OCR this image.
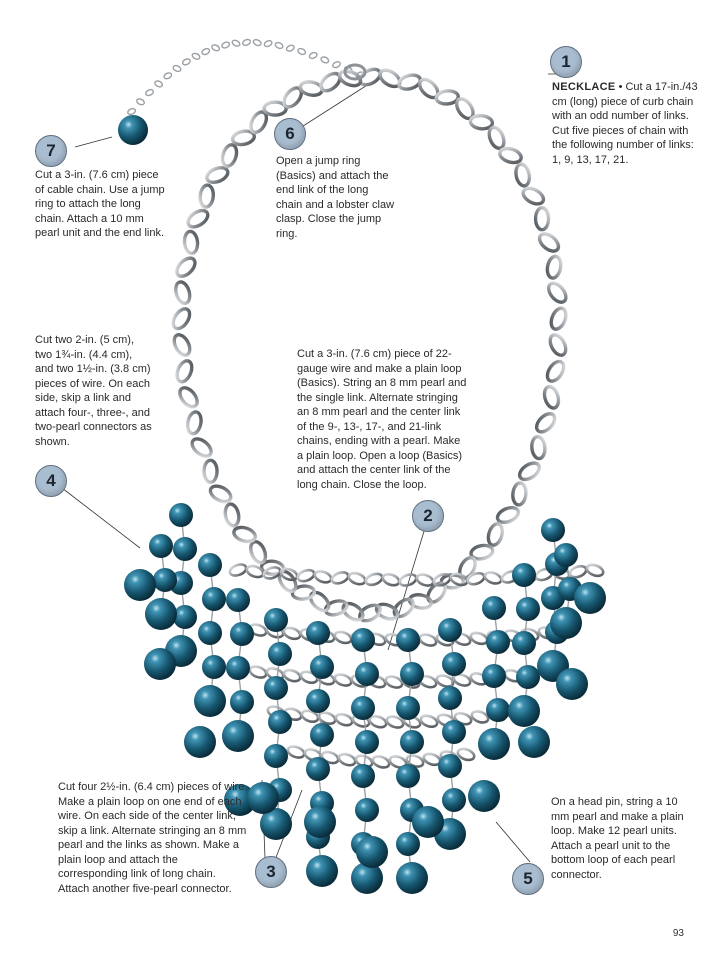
1
2
3
4
5
6
7

NECKLACE • Cut a 17-in./43 cm (long) piece of curb chain with an odd number of links. Cut five pieces of chain with the following number of links: 1, 9, 13, 17, 21.

Cut a 3-in. (7.6 cm) piece of 22-gauge wire and make a plain loop (Basics). String an 8 mm pearl and the single link. Alternate stringing an 8 mm pearl and the center link of the 9-, 13-, 17-, and 21-link chains, ending with a pearl. Make a plain loop. Open a loop (Basics) and attach the center link of the long chain. Close the loop.

Cut four 2½-in. (6.4 cm) pieces of wire. Make a plain loop on one end of each wire. On each side of the center link, skip a link. Alternate stringing an 8 mm pearl and the links as shown. Make a plain loop and attach the corresponding link of long chain. Attach another five-pearl connector.

Cut two 2-in. (5 cm), two 1¾-in. (4.4 cm), and two 1½-in. (3.8 cm) pieces of wire. On each side, skip a link and attach four-, three-, and two-pearl connectors as shown.

On a head pin, string a 10 mm pearl and make a plain loop. Make 12 pearl units. Attach a pearl unit to the bottom loop of each pearl connector.

Open a jump ring (Basics) and attach the end link of the long chain and a lobster claw clasp. Close the jump ring.

Cut a 3-in. (7.6 cm) piece of cable chain. Use a jump ring to attach the long chain. Attach a 10 mm pearl unit and the end link.

93
